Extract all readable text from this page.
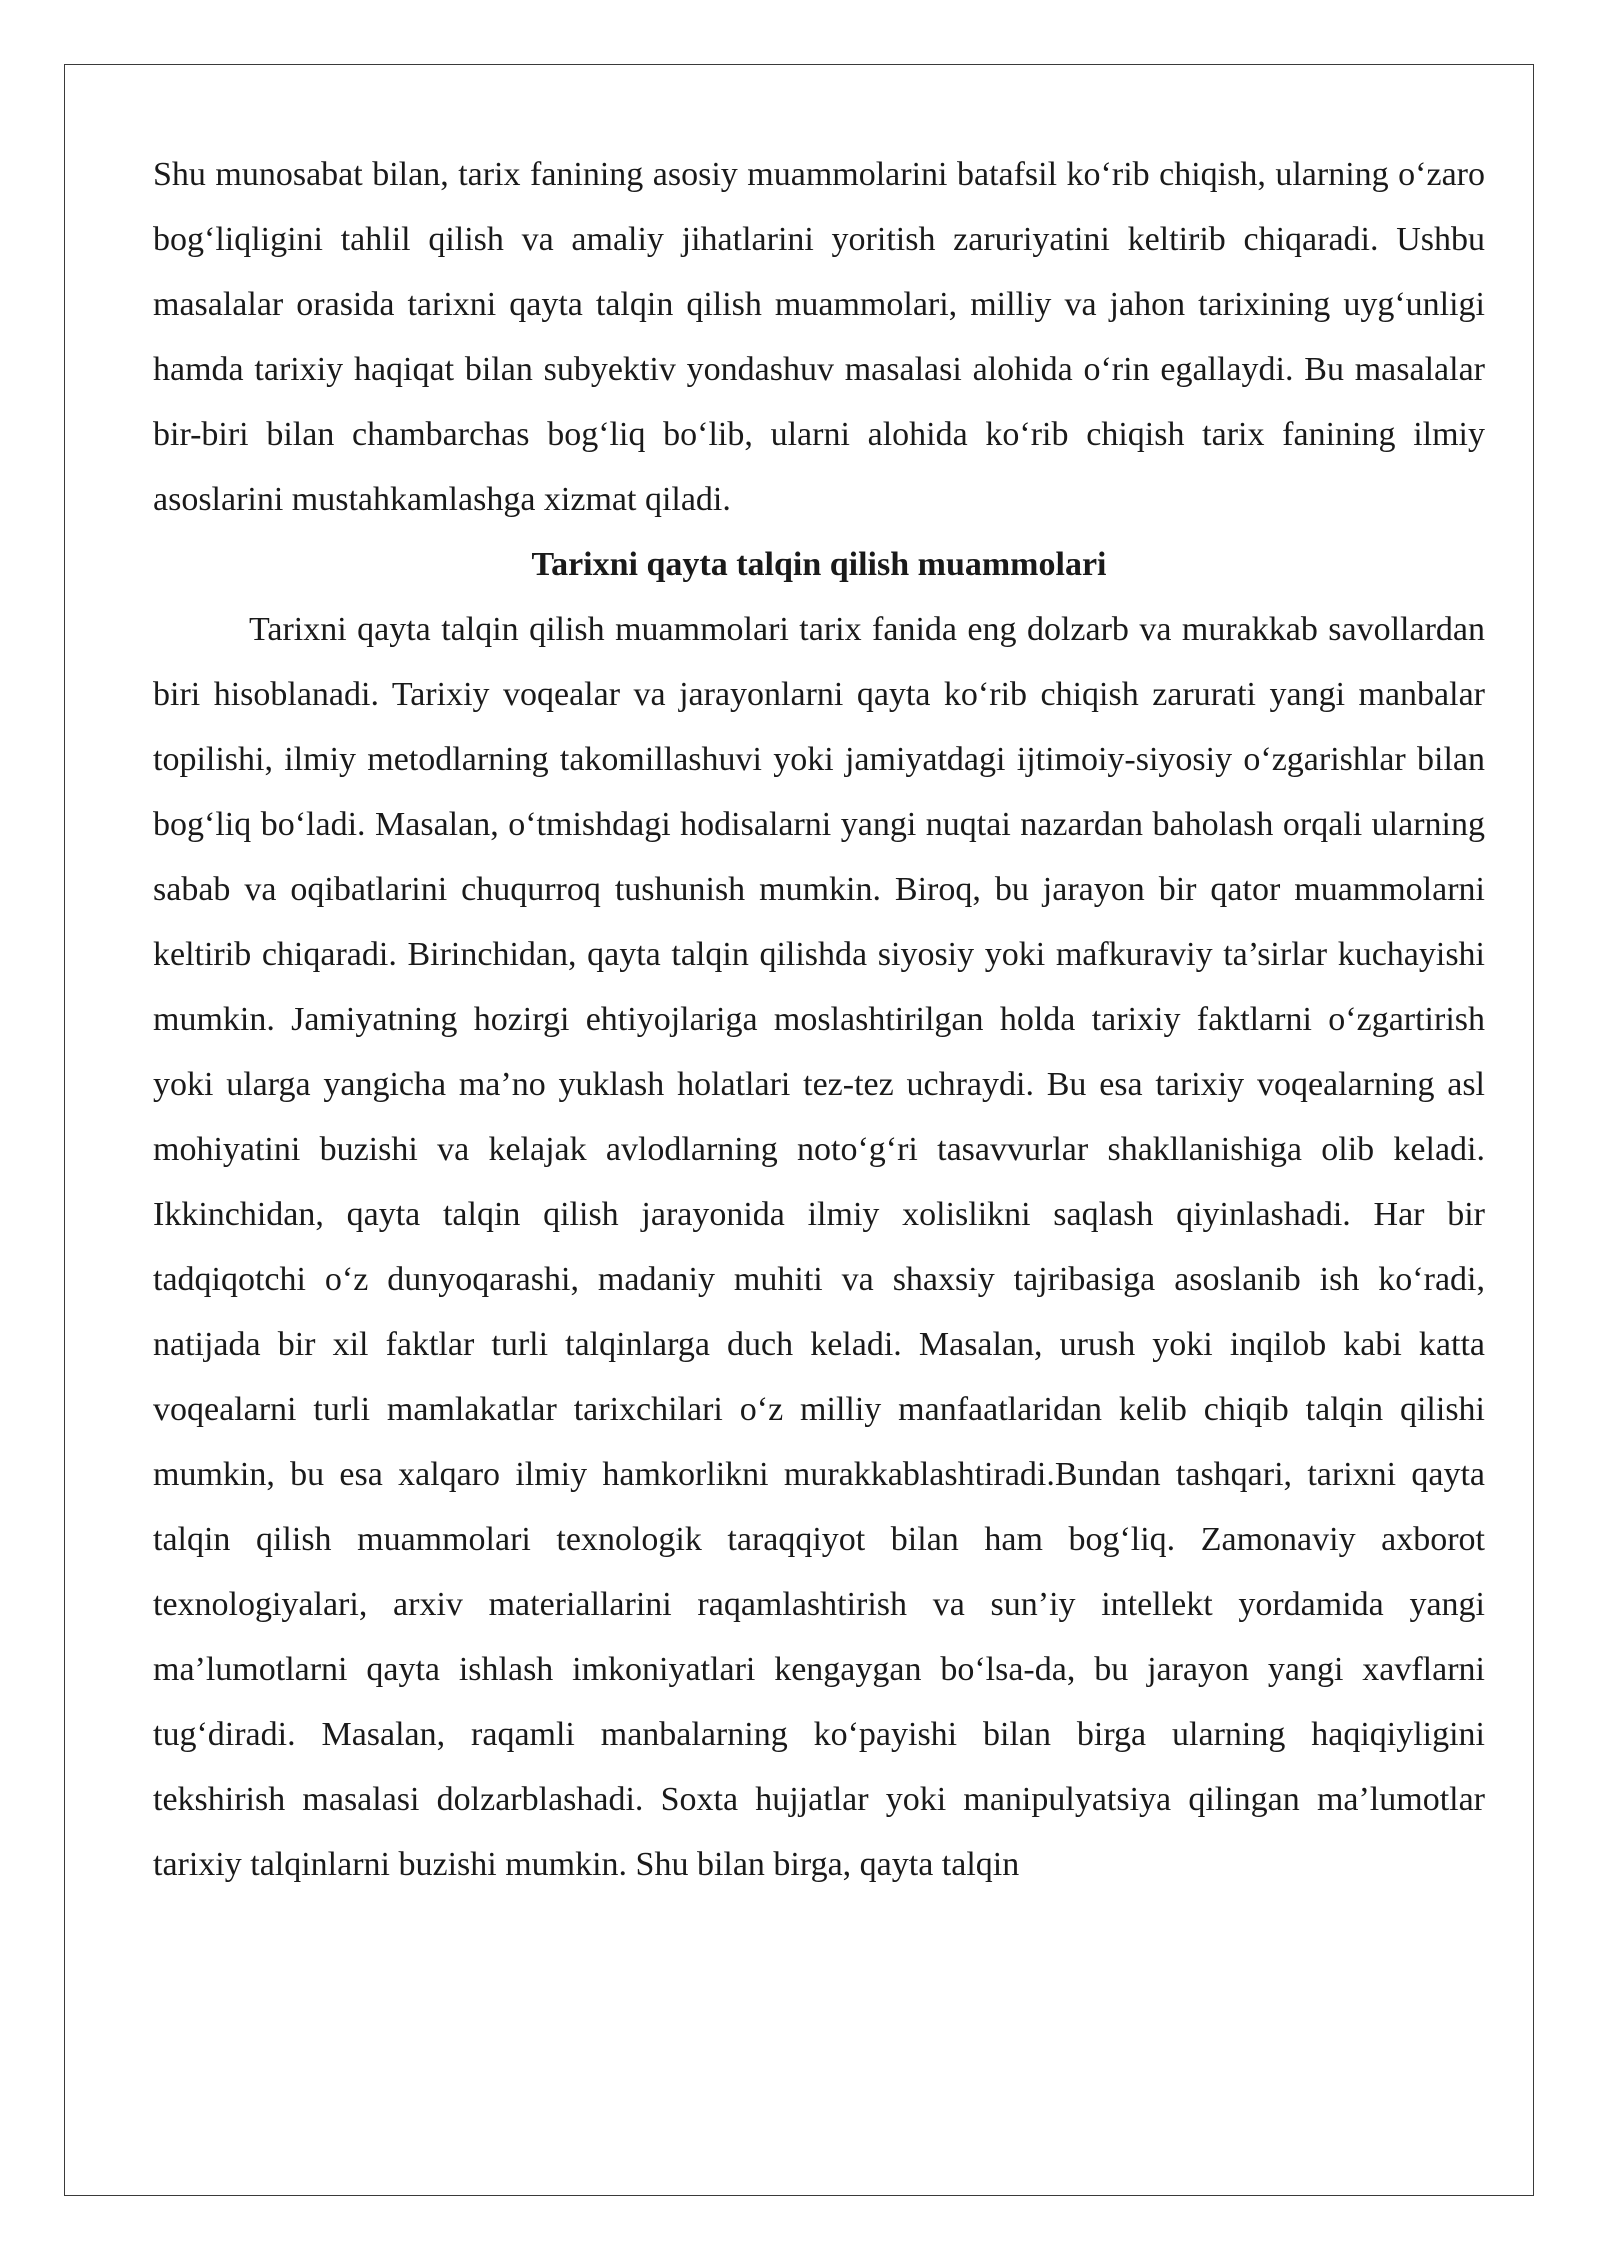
Shu munosabat bilan, tarix fanining asosiy muammolarini batafsil ko‘rib chiqish, ularning o‘zaro bog‘liqligini tahlil qilish va amaliy jihatlarini yoritish zaruriyatini keltirib chiqaradi. Ushbu masalalar orasida tarixni qayta talqin qilish muammolari, milliy va jahon tarixining uyg‘unligi hamda tarixiy haqiqat bilan subyektiv yondashuv masalasi alohida o‘rin egallaydi. Bu masalalar bir-biri bilan chambarchas bog‘liq bo‘lib, ularni alohida ko‘rib chiqish tarix fanining ilmiy asoslarini mustahkamlashga xizmat qiladi.

Tarixni qayta talqin qilish muammolari

Tarixni qayta talqin qilish muammolari tarix fanida eng dolzarb va murakkab savollardan biri hisoblanadi. Tarixiy voqealar va jarayonlarni qayta ko‘rib chiqish zarurati yangi manbalar topilishi, ilmiy metodlarning takomillashuvi yoki jamiyatdagi ijtimoiy-siyosiy o‘zgarishlar bilan bog‘liq bo‘ladi. Masalan, o‘tmishdagi hodisalarni yangi nuqtai nazardan baholash orqali ularning sabab va oqibatlarini chuqurroq tushunish mumkin. Biroq, bu jarayon bir qator muammolarni keltirib chiqaradi. Birinchidan, qayta talqin qilishda siyosiy yoki mafkuraviy ta’sirlar kuchayishi mumkin. Jamiyatning hozirgi ehtiyojlariga moslashtirilgan holda tarixiy faktlarni o‘zgartirish yoki ularga yangicha ma’no yuklash holatlari tez-tez uchraydi. Bu esa tarixiy voqealarning asl mohiyatini buzishi va kelajak avlodlarning noto‘g‘ri tasavvurlar shakllanishiga olib keladi. Ikkinchidan, qayta talqin qilish jarayonida ilmiy xolislikni saqlash qiyinlashadi. Har bir tadqiqotchi o‘z dunyoqarashi, madaniy muhiti va shaxsiy tajribasiga asoslanib ish ko‘radi, natijada bir xil faktlar turli talqinlarga duch keladi. Masalan, urush yoki inqilob kabi katta voqealarni turli mamlakatlar tarixchilari o‘z milliy manfaatlaridan kelib chiqib talqin qilishi mumkin, bu esa xalqaro ilmiy hamkorlikni murakkablashtiradi.Bundan tashqari, tarixni qayta talqin qilish muammolari texnologik taraqqiyot bilan ham bog‘liq. Zamonaviy axborot texnologiyalari, arxiv materiallarini raqamlashtirish va sun’iy intellekt yordamida yangi ma’lumotlarni qayta ishlash imkoniyatlari kengaygan bo‘lsa-da, bu jarayon yangi xavflarni tug‘diradi. Masalan, raqamli manbalarning ko‘payishi bilan birga ularning haqiqiyligini tekshirish masalasi dolzarblashadi. Soxta hujjatlar yoki manipulyatsiya qilingan ma’lumotlar tarixiy talqinlarni buzishi mumkin. Shu bilan birga, qayta talqin
